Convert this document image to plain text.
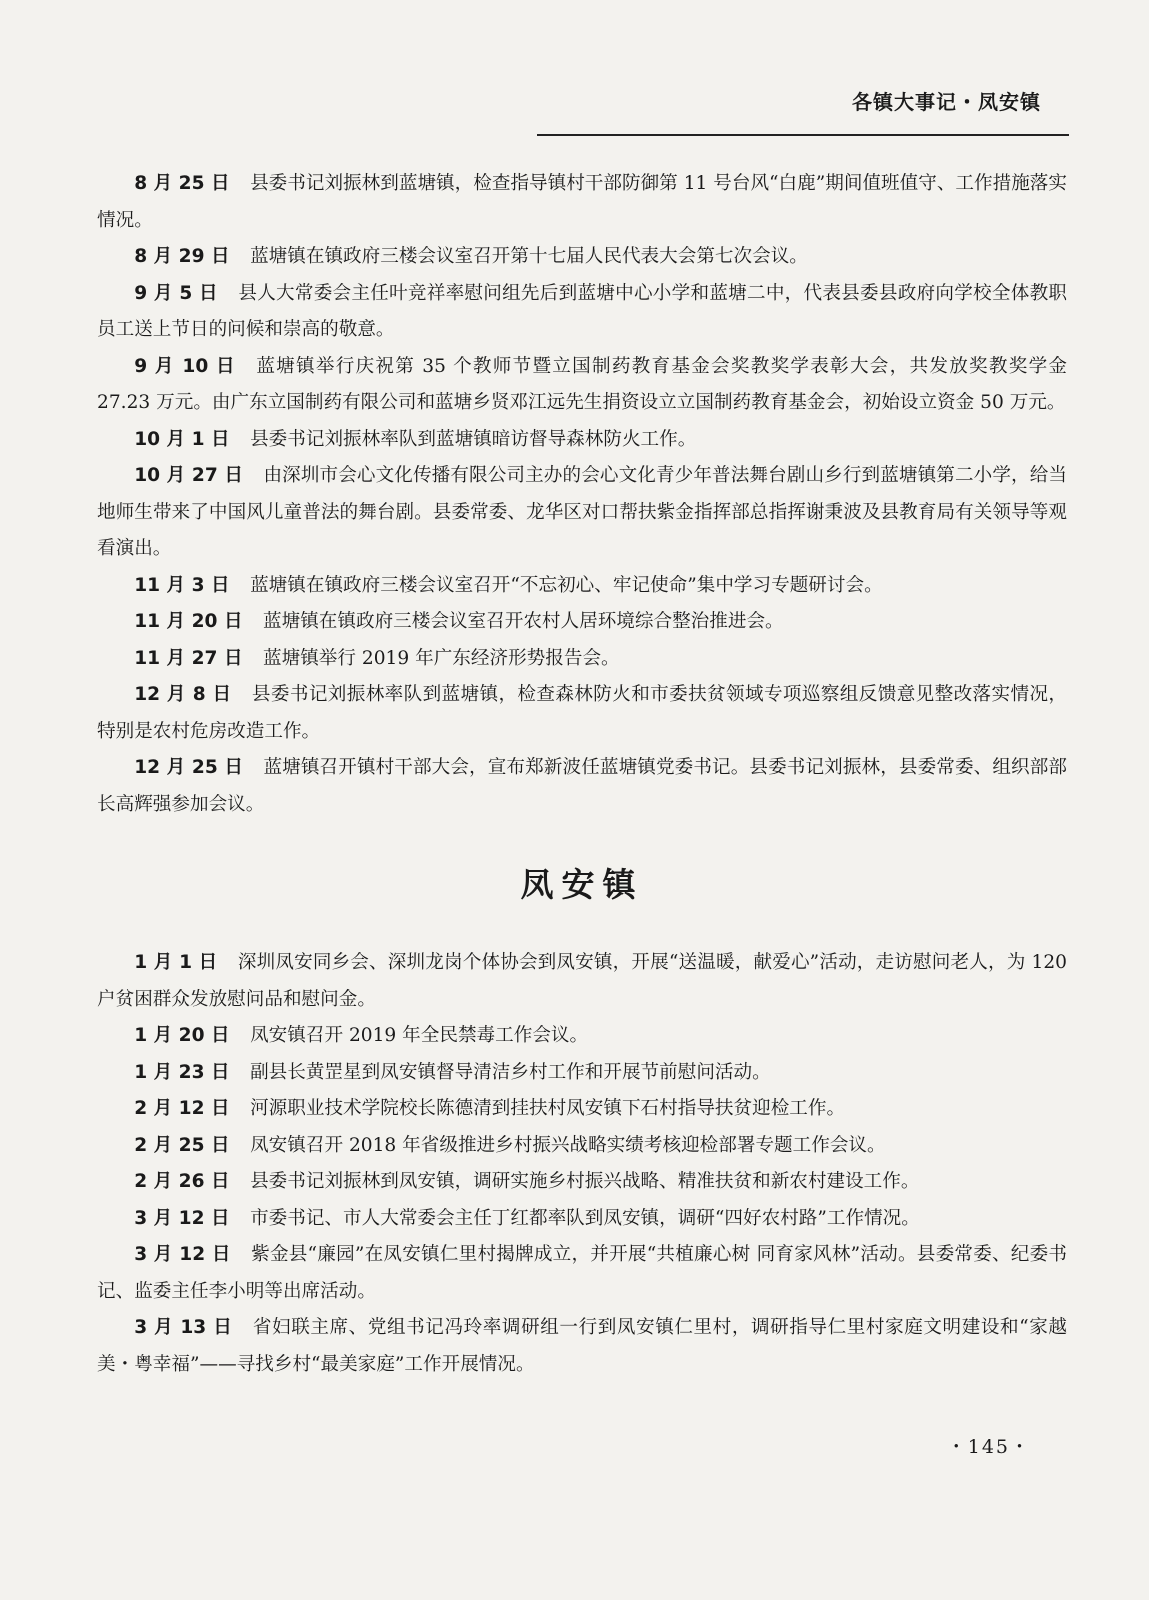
各镇大事记・凤安镇

8 月 25 日 县委书记刘振林到蓝塘镇，检查指导镇村干部防御第 11 号台风“白鹿”期间值班值守、工作措施落实情况。

8 月 29 日 蓝塘镇在镇政府三楼会议室召开第十七届人民代表大会第七次会议。

9 月 5 日 县人大常委会主任叶竞祥率慰问组先后到蓝塘中心小学和蓝塘二中，代表县委县政府向学校全体教职员工送上节日的问候和崇高的敬意。

9 月 10 日 蓝塘镇举行庆祝第 35 个教师节暨立国制药教育基金会奖教奖学表彰大会，共发放奖教奖学金 27.23 万元。由广东立国制药有限公司和蓝塘乡贤邓江远先生捐资设立立国制药教育基金会，初始设立资金 50 万元。

10 月 1 日 县委书记刘振林率队到蓝塘镇暗访督导森林防火工作。

10 月 27 日 由深圳市会心文化传播有限公司主办的会心文化青少年普法舞台剧山乡行到蓝塘镇第二小学，给当地师生带来了中国风儿童普法的舞台剧。县委常委、龙华区对口帮扶紫金指挥部总指挥谢秉波及县教育局有关领导等观看演出。

11 月 3 日 蓝塘镇在镇政府三楼会议室召开“不忘初心、牢记使命”集中学习专题研讨会。

11 月 20 日 蓝塘镇在镇政府三楼会议室召开农村人居环境综合整治推进会。

11 月 27 日 蓝塘镇举行 2019 年广东经济形势报告会。

12 月 8 日 县委书记刘振林率队到蓝塘镇，检查森林防火和市委扶贫领域专项巡察组反馈意见整改落实情况，特别是农村危房改造工作。

12 月 25 日 蓝塘镇召开镇村干部大会，宣布郑新波任蓝塘镇党委书记。县委书记刘振林，县委常委、组织部部长高辉强参加会议。

凤安镇

1 月 1 日 深圳凤安同乡会、深圳龙岗个体协会到凤安镇，开展“送温暖，献爱心”活动，走访慰问老人，为 120 户贫困群众发放慰问品和慰问金。

1 月 20 日 凤安镇召开 2019 年全民禁毒工作会议。

1 月 23 日 副县长黄罡星到凤安镇督导清洁乡村工作和开展节前慰问活动。

2 月 12 日 河源职业技术学院校长陈德清到挂扶村凤安镇下石村指导扶贫迎检工作。

2 月 25 日 凤安镇召开 2018 年省级推进乡村振兴战略实绩考核迎检部署专题工作会议。

2 月 26 日 县委书记刘振林到凤安镇，调研实施乡村振兴战略、精准扶贫和新农村建设工作。

3 月 12 日 市委书记、市人大常委会主任丁红都率队到凤安镇，调研“四好农村路”工作情况。

3 月 12 日 紫金县“廉园”在凤安镇仁里村揭牌成立，并开展“共植廉心树 同育家风林”活动。县委常委、纪委书记、监委主任李小明等出席活动。

3 月 13 日 省妇联主席、党组书记冯玲率调研组一行到凤安镇仁里村，调研指导仁里村家庭文明建设和“家越美・粤幸福”——寻找乡村“最美家庭”工作开展情况。

・145・
